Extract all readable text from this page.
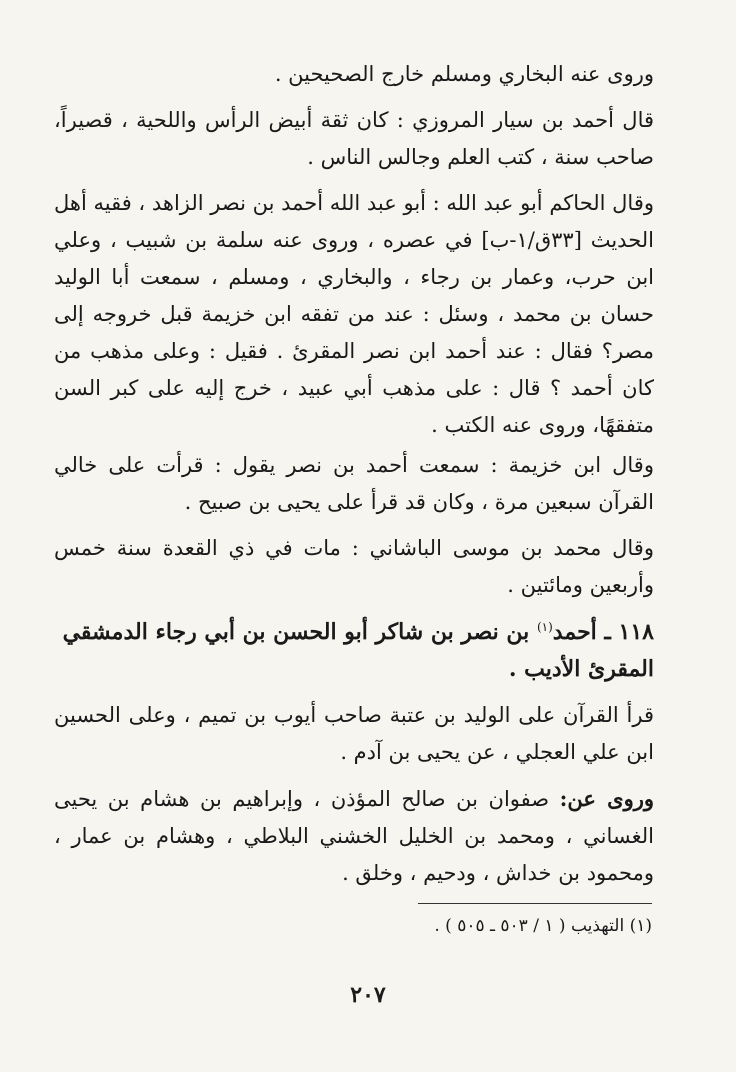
وروى عنه البخاري ومسلم خارج الصحيحين .
قال أحمد بن سيار المروزي : كان ثقة أبيض الرأس واللحية ، قصيراً، صاحب سنة ، كتب العلم وجالس الناس .
وقال الحاكم أبو عبد الله : أبو عبد الله أحمد بن نصر الزاهد ، فقيه أهل الحديث [٣٣ق/١-ب] في عصره ، وروى عنه سلمة بن شبيب ، وعلي ابن حرب، وعمار بن رجاء ، والبخاري ، ومسلم ، سمعت أبا الوليد حسان بن محمد ، وسئل : عند من تفقه ابن خزيمة قبل خروجه إلى مصر؟ فقال : عند أحمد ابن نصر المقرئ . فقيل : وعلى مذهب من كان أحمد ؟ قال : على مذهب أبي عبيد ، خرج إليه على كبر السن متفقهًا، وروى عنه الكتب .
وقال ابن خزيمة : سمعت أحمد بن نصر يقول : قرأت على خالي القرآن سبعين مرة ، وكان قد قرأ على يحيى بن صبيح .
وقال محمد بن موسى الباشاني : مات في ذي القعدة سنة خمس وأربعين ومائتين .
١١٨ ـ أحمد$^{(١)}$ بن نصر بن شاكر أبو الحسن بن أبي رجاء الدمشقي المقرئ الأديب .
قرأ القرآن على الوليد بن عتبة صاحب أيوب بن تميم ، وعلى الحسين ابن علي العجلي ، عن يحيى بن آدم .
وروى عن: صفوان بن صالح المؤذن ، وإبراهيم بن هشام بن يحيى الغساني ، ومحمد بن الخليل الخشني البلاطي ، وهشام بن عمار ، ومحمود بن خداش ، ودحيم ، وخلق .
(١) التهذيب ( ١ / ٥٠٣ ـ ٥٠٥ ) .
٢٠٧
